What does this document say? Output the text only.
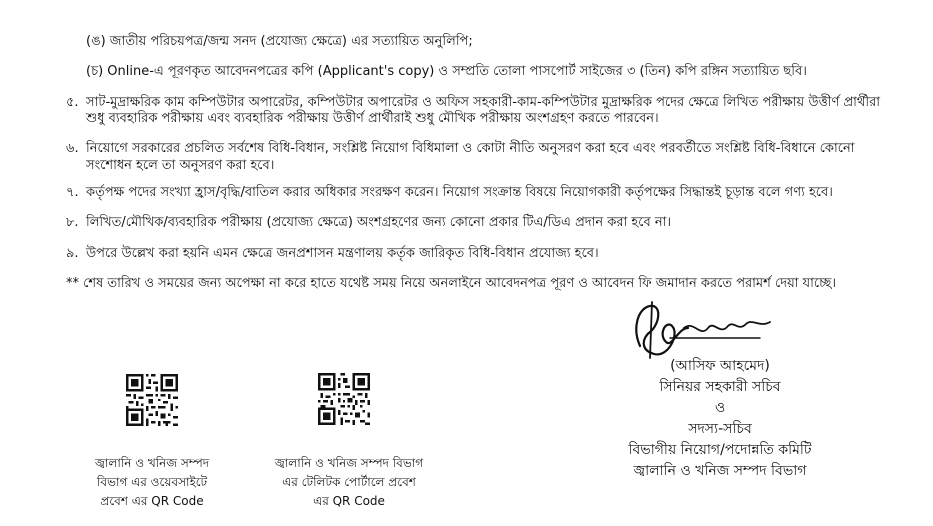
(ঙ) জাতীয় পরিচয়পত্র/জন্ম সনদ (প্রযোজ্য ক্ষেত্রে) এর সত্যায়িত অনুলিপি;
(চ) Online-এ পূরণকৃত আবেদনপত্রের কপি (Applicant's copy) ও সম্প্রতি তোলা পাসপোর্ট সাইজের ৩ (তিন) কপি রঙ্গিন সত্যায়িত ছবি।
৫. সাট-মুদ্রাক্ষরিক কাম কম্পিউটার অপারেটর, কম্পিউটার অপারেটর ও অফিস সহকারী-কাম-কম্পিউটার মুদ্রাক্ষরিক পদের ক্ষেত্রে লিখিত পরীক্ষায় উত্তীর্ণ প্রার্থীরা
শুধু ব্যবহারিক পরীক্ষায় এবং ব্যবহারিক পরীক্ষায় উত্তীর্ণ প্রার্থীরাই শুধু মৌখিক পরীক্ষায় অংশগ্রহণ করতে পারবেন।
৬. নিয়োগে সরকারের প্রচলিত সর্বশেষ বিধি-বিধান, সংশ্লিষ্ট নিয়োগ বিধিমালা ও কোটা নীতি অনুসরণ করা হবে এবং পরবর্তীতে সংশ্লিষ্ট বিধি-বিধানে কোনো
সংশোধন হলে তা অনুসরণ করা হবে।
৭. কর্তৃপক্ষ পদের সংখ্যা হ্রাস/বৃদ্ধি/বাতিল করার অধিকার সংরক্ষণ করেন। নিয়োগ সংক্রান্ত বিষয়ে নিয়োগকারী কর্তৃপক্ষের সিদ্ধান্তই চূড়ান্ত বলে গণ্য হবে।
৮. লিখিত/মৌখিক/ব্যবহারিক পরীক্ষায় (প্রযোজ্য ক্ষেত্রে) অংশগ্রহণের জন্য কোনো প্রকার টিএ/ডিএ প্রদান করা হবে না।
৯. উপরে উল্লেখ করা হয়নি এমন ক্ষেত্রে জনপ্রশাসন মন্ত্রণালয় কর্তৃক জারিকৃত বিধি-বিধান প্রযোজ্য হবে।
** শেষ তারিখ ও সময়ের জন্য অপেক্ষা না করে হাতে যথেষ্ট সময় নিয়ে অনলাইনে আবেদনপত্র পূরণ ও আবেদন ফি জমাদান করতে পরামর্শ দেয়া যাচ্ছে।
(আসিফ আহমেদ)
সিনিয়র সহকারী সচিব
ও
সদস্য-সচিব
বিভাগীয় নিয়োগ/পদোন্নতি কমিটি
জ্বালানি ও খনিজ সম্পদ বিভাগ
জ্বালানি ও খনিজ সম্পদ
বিভাগ এর ওয়েবসাইটে
প্রবেশ এর QR Code
জ্বালানি ও খনিজ সম্পদ বিভাগ
এর টেলিটক পোর্টালে প্রবেশ
এর QR Code
